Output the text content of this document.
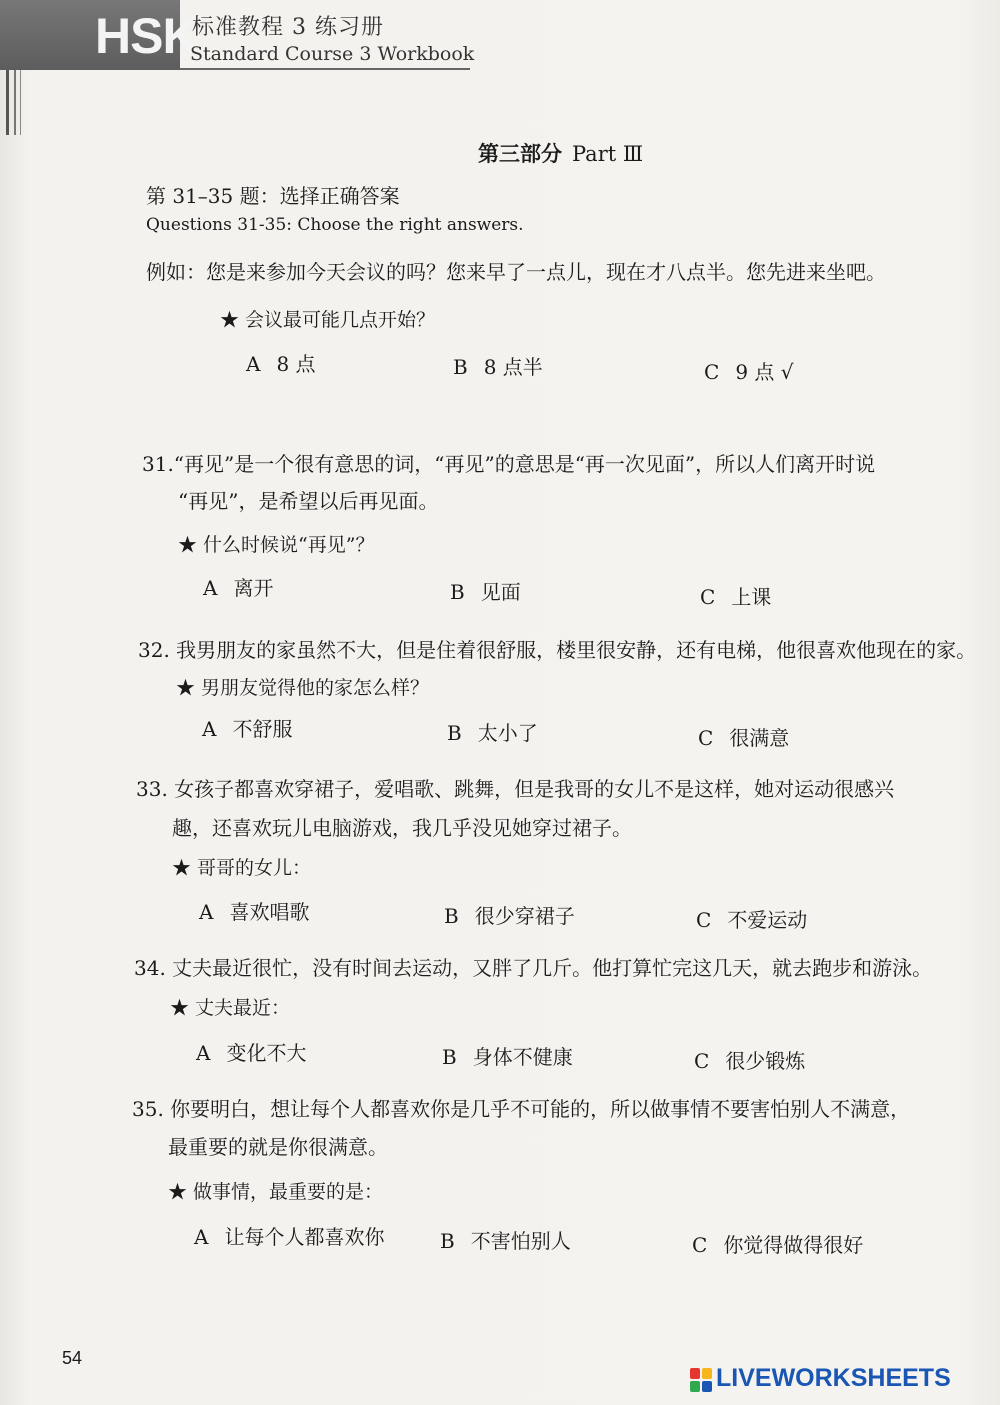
HSK
标准教程 3 练习册
Standard Course 3 Workbook
第三部分 Part Ⅲ
第 31–35 题：选择正确答案
Questions 31-35: Choose the right answers.
例如：您是来参加今天会议的吗？您来早了一点儿，现在才八点半。您先进来坐吧。
★ 会议最可能几点开始？
A 8 点	B 8 点半	C 9 点 √
31.“再见”是一个很有意思的词，“再见”的意思是“再一次见面”，所以人们离开时说
“再见”，是希望以后再见面。
★ 什么时候说“再见”？
A 离开	B 见面	C 上课
32. 我男朋友的家虽然不大，但是住着很舒服，楼里很安静，还有电梯，他很喜欢他现在的家。
★ 男朋友觉得他的家怎么样？
A 不舒服	B 太小了	C 很满意
33. 女孩子都喜欢穿裙子，爱唱歌、跳舞，但是我哥的女儿不是这样，她对运动很感兴
趣，还喜欢玩儿电脑游戏，我几乎没见她穿过裙子。
★ 哥哥的女儿：
A 喜欢唱歌	B 很少穿裙子	C 不爱运动
34. 丈夫最近很忙，没有时间去运动，又胖了几斤。他打算忙完这几天，就去跑步和游泳。
★ 丈夫最近：
A 变化不大	B 身体不健康	C 很少锻炼
35. 你要明白，想让每个人都喜欢你是几乎不可能的，所以做事情不要害怕别人不满意，
最重要的就是你很满意。
★ 做事情，最重要的是：
A 让每个人都喜欢你	B 不害怕别人	C 你觉得做得很好
54
LIVEWORKSHEETS
